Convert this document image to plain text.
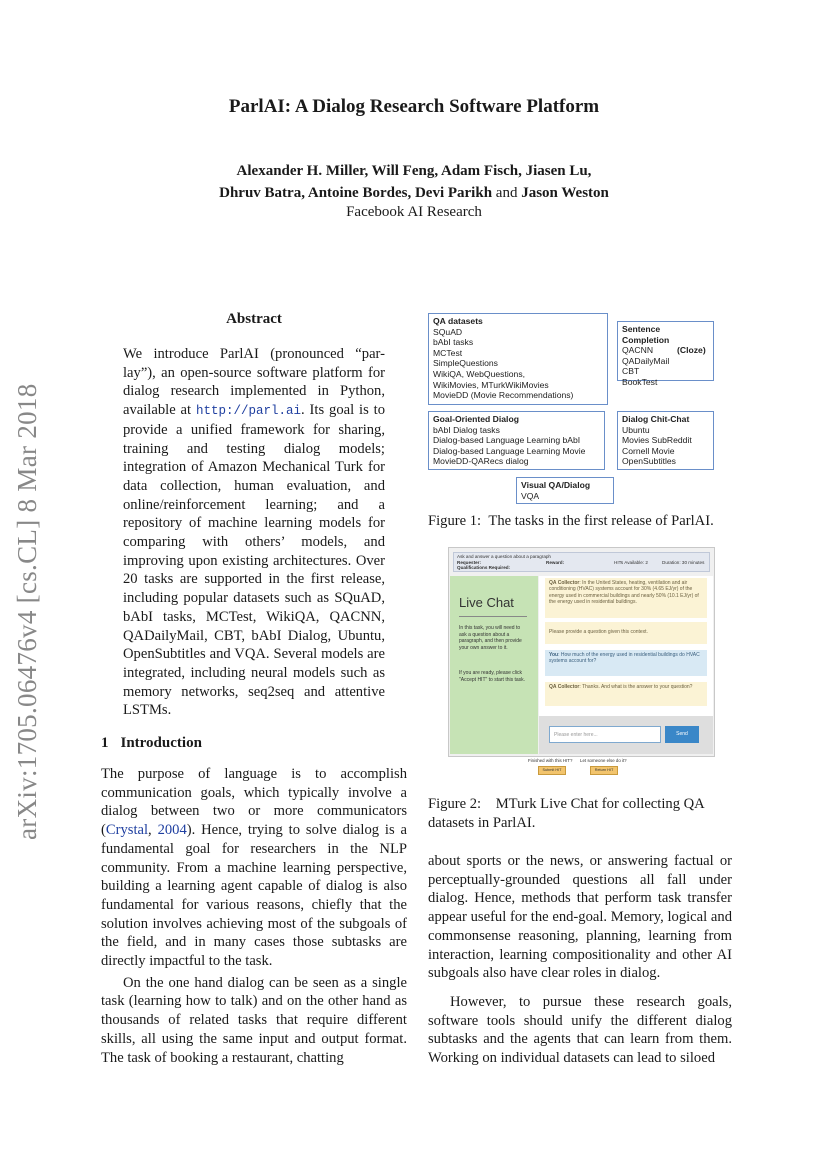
arXiv:1705.06476v4 [cs.CL] 8 Mar 2018
ParlAI: A Dialog Research Software Platform
Alexander H. Miller, Will Feng, Adam Fisch, Jiasen Lu,
Dhruv Batra, Antoine Bordes, Devi Parikh and Jason Weston
Facebook AI Research
Abstract

We introduce ParlAI (pronounced “par-lay”), an open-source software platform for dialog research implemented in Python, available at http://parl.ai. Its goal is to provide a unified framework for sharing, training and testing dialog models; integration of Amazon Mechanical Turk for data collection, human evaluation, and online/reinforcement learning; and a repository of machine learning models for comparing with others’ models, and improving upon existing architectures. Over 20 tasks are supported in the first release, including popular datasets such as SQuAD, bAbI tasks, MCTest, WikiQA, QACNN, QADailyMail, CBT, bAbI Dialog, Ubuntu, OpenSubtitles and VQA. Several models are integrated, including neural models such as memory networks, seq2seq and attentive LSTMs.

1 Introduction

The purpose of language is to accomplish communication goals, which typically involve a dialog between two or more communicators (Crystal, 2004). Hence, trying to solve dialog is a fundamental goal for researchers in the NLP community. From a machine learning perspective, building a learning agent capable of dialog is also fundamental for various reasons, chiefly that the solution involves achieving most of the subgoals of the field, and in many cases those subtasks are directly impactful to the task.

On the one hand dialog can be seen as a single task (learning how to talk) and on the other hand as thousands of related tasks that require different skills, all using the same input and output format. The task of booking a restaurant, chatting

about sports or the news, or answering factual or perceptually-grounded questions all fall under dialog. Hence, methods that perform task transfer appear useful for the end-goal. Memory, logical and commonsense reasoning, planning, learning from interaction, learning compositionality and other AI subgoals also have clear roles in dialog.

However, to pursue these research goals, software tools should unify the different dialog subtasks and the agents that can learn from them. Working on individual datasets can lead to siloed

QA datasets
SQuAD
bAbI tasks
MCTest
SimpleQuestions
WikiQA, WebQuestions,
WikiMovies, MTurkWikiMovies
MovieDD (Movie Recommendations)
Sentence Completion
QACNN	(Cloze)
QADailyMail
CBT
BookTest
Goal-Oriented Dialog
bAbI Dialog tasks
Dialog-based Language Learning bAbI
Dialog-based Language Learning Movie
MovieDD-QARecs dialog
Dialog Chit-Chat
Ubuntu
Movies SubReddit
Cornell Movie
OpenSubtitles
Visual QA/Dialog
VQA
Figure 1: The tasks in the first release of ParlAI.
Ask and answer a question about a paragraph
Requester:	Reward:	HITs Available: 2	Duration: 30 minutes
Qualifications Required:
Live Chat
In this task, you will need to ask a question about a paragraph, and then provide your own answer to it.
If you are ready, please click "Accept HIT" to start this task.
QA Collector: In the United States, heating, ventilation and air conditioning (HVAC) systems account for 30% (4.65 EJ/yr) of the energy used in commercial buildings and nearly 50% (10.1 EJ/yr) of the energy used in residential buildings.
Please provide a question given this context.
You: How much of the energy used in residential buildings do HVAC systems account for?
QA Collector: Thanks. And what is the answer to your question?
Please enter here...	Send
Finished with this HIT? Let someone else do it?
Submit HIT	Return HIT
Figure 2: MTurk Live Chat for collecting QA datasets in ParlAI.
